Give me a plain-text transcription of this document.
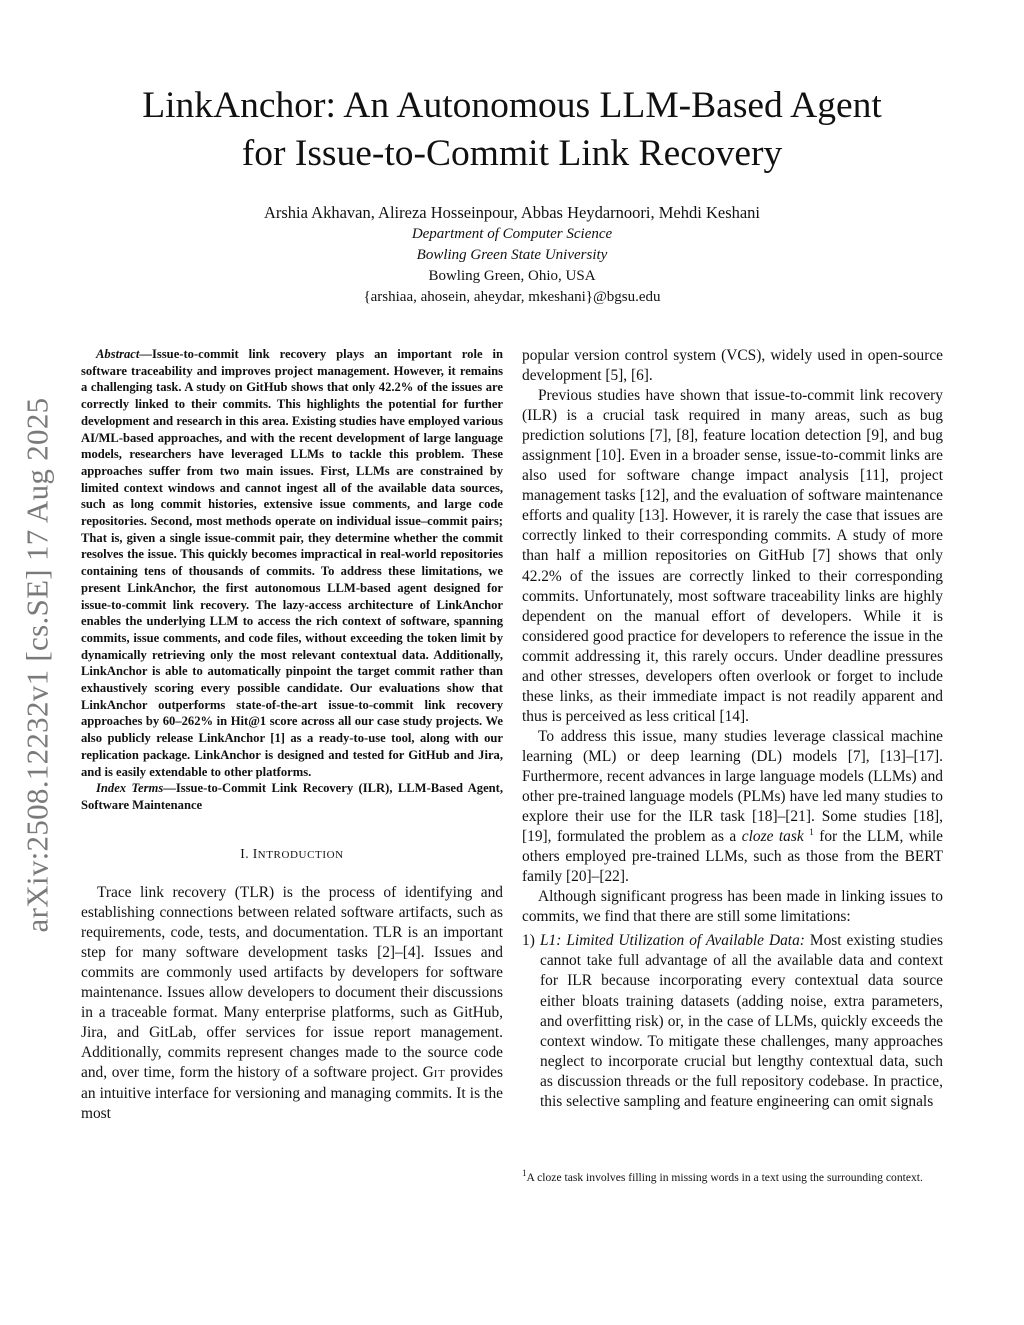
arXiv:2508.12232v1 [cs.SE] 17 Aug 2025
LinkAnchor: An Autonomous LLM-Based Agent
for Issue-to-Commit Link Recovery
Arshia Akhavan, Alireza Hosseinpour, Abbas Heydarnoori, Mehdi Keshani
Department of Computer Science
Bowling Green State University
Bowling Green, Ohio, USA
{arshiaa, ahosein, aheydar, mkeshani}@bgsu.edu

Abstract—Issue-to-commit link recovery plays an important role in software traceability and improves project management. However, it remains a challenging task. A study on GitHub shows that only 42.2% of the issues are correctly linked to their commits. This highlights the potential for further development and research in this area. Existing studies have employed various AI/ML-based approaches, and with the recent development of large language models, researchers have leveraged LLMs to tackle this problem. These approaches suffer from two main issues. First, LLMs are constrained by limited context windows and cannot ingest all of the available data sources, such as long commit histories, extensive issue comments, and large code repositories. Second, most methods operate on individual issue–commit pairs; That is, given a single issue-commit pair, they determine whether the commit resolves the issue. This quickly becomes impractical in real-world repositories containing tens of thousands of commits. To address these limitations, we present LinkAnchor, the first autonomous LLM-based agent designed for issue-to-commit link recovery. The lazy-access architecture of LinkAnchor enables the underlying LLM to access the rich context of software, spanning commits, issue comments, and code files, without exceeding the token limit by dynamically retrieving only the most relevant contextual data. Additionally, LinkAnchor is able to automatically pinpoint the target commit rather than exhaustively scoring every possible candidate. Our evaluations show that LinkAnchor outperforms state-of-the-art issue-to-commit link recovery approaches by 60–262% in Hit@1 score across all our case study projects. We also publicly release LinkAnchor [1] as a ready-to-use tool, along with our replication package. LinkAnchor is designed and tested for GitHub and Jira, and is easily extendable to other platforms.

Index Terms—Issue-to-Commit Link Recovery (ILR), LLM-Based Agent, Software Maintenance

I. INTRODUCTION

Trace link recovery (TLR) is the process of identifying and establishing connections between related software artifacts, such as requirements, code, tests, and documentation. TLR is an important step for many software development tasks [2]–[4]. Issues and commits are commonly used artifacts by developers for software maintenance. Issues allow developers to document their discussions in a traceable format. Many enterprise platforms, such as GitHub, Jira, and GitLab, offer services for issue report management. Additionally, commits represent changes made to the source code and, over time, form the history of a software project. GIT provides an intuitive interface for versioning and managing commits. It is the most

popular version control system (VCS), widely used in open-source development [5], [6].

Previous studies have shown that issue-to-commit link recovery (ILR) is a crucial task required in many areas, such as bug prediction solutions [7], [8], feature location detection [9], and bug assignment [10]. Even in a broader sense, issue-to-commit links are also used for software change impact analysis [11], project management tasks [12], and the evaluation of software maintenance efforts and quality [13]. However, it is rarely the case that issues are correctly linked to their corresponding commits. A study of more than half a million repositories on GitHub [7] shows that only 42.2% of the issues are correctly linked to their corresponding commits. Unfortunately, most software traceability links are highly dependent on the manual effort of developers. While it is considered good practice for developers to reference the issue in the commit addressing it, this rarely occurs. Under deadline pressures and other stresses, developers often overlook or forget to include these links, as their immediate impact is not readily apparent and thus is perceived as less critical [14].

To address this issue, many studies leverage classical machine learning (ML) or deep learning (DL) models [7], [13]–[17]. Furthermore, recent advances in large language models (LLMs) and other pre-trained language models (PLMs) have led many studies to explore their use for the ILR task [18]–[21]. Some studies [18], [19], formulated the problem as a cloze task $^1$ for the LLM, while others employed pre-trained LLMs, such as those from the BERT family [20]–[22].

Although significant progress has been made in linking issues to commits, we find that there are still some limitations:

1) L1: Limited Utilization of Available Data: Most existing studies cannot take full advantage of all the available data and context for ILR because incorporating every contextual data source either bloats training datasets (adding noise, extra parameters, and overfitting risk) or, in the case of LLMs, quickly exceeds the context window. To mitigate these challenges, many approaches neglect to incorporate crucial but lengthy contextual data, such as discussion threads or the full repository codebase. In practice, this selective sampling and feature engineering can omit signals
$^1$A cloze task involves filling in missing words in a text using the surrounding context.
